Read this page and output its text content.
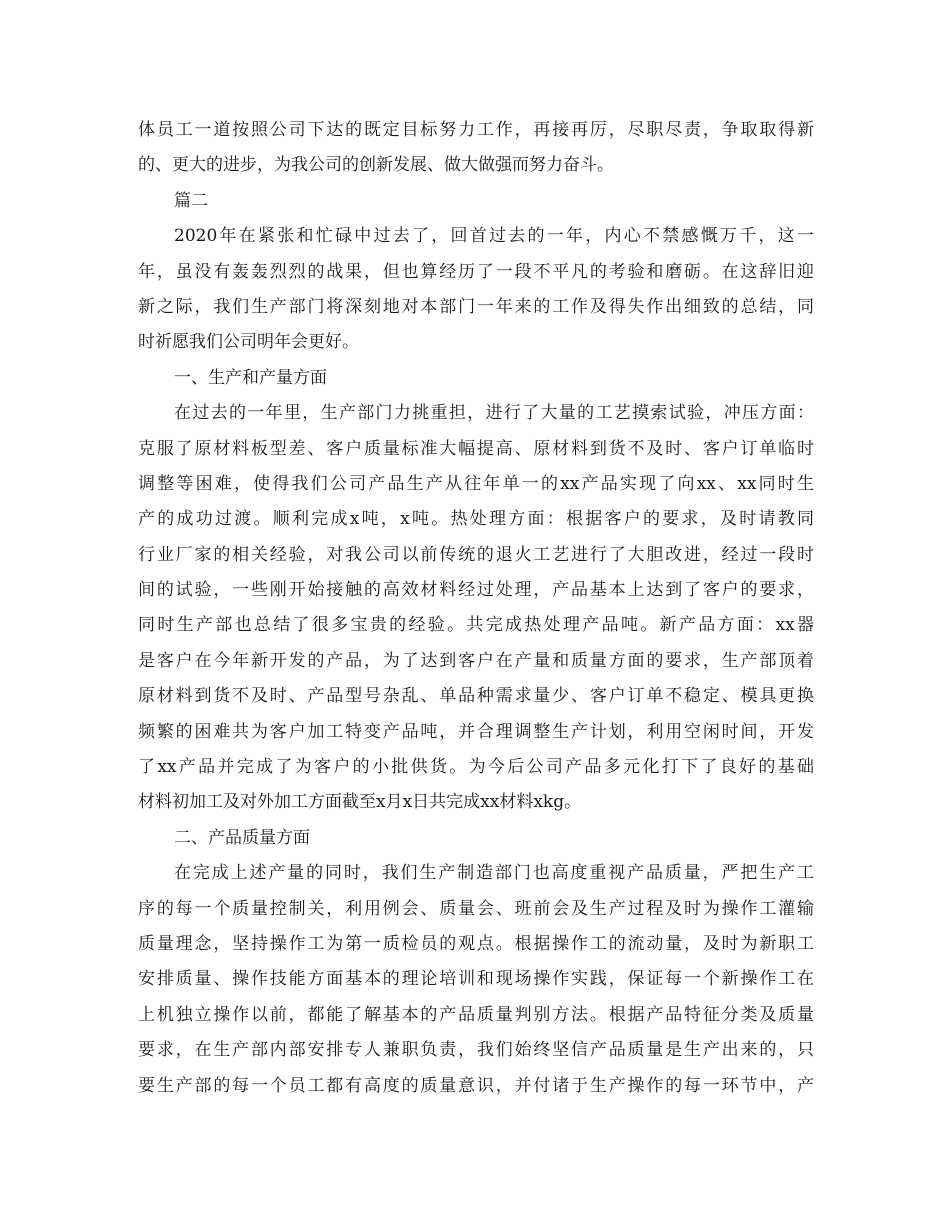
体员工一道按照公司下达的既定目标努力工作，再接再厉，尽职尽责，争取取得新
的、更大的进步，为我公司的创新发展、做大做强而努力奋斗。
篇二
2020年在紧张和忙碌中过去了，回首过去的一年，内心不禁感慨万千，这一
年，虽没有轰轰烈烈的战果，但也算经历了一段不平凡的考验和磨砺。在这辞旧迎
新之际，我们生产部门将深刻地对本部门一年来的工作及得失作出细致的总结，同
时祈愿我们公司明年会更好。
一、生产和产量方面
在过去的一年里，生产部门力挑重担，进行了大量的工艺摸索试验，冲压方面：
克服了原材料板型差、客户质量标准大幅提高、原材料到货不及时、客户订单临时
调整等困难，使得我们公司产品生产从往年单一的xx产品实现了向xx、xx同时生
产的成功过渡。顺利完成x吨，x吨。热处理方面：根据客户的要求，及时请教同
行业厂家的相关经验，对我公司以前传统的退火工艺进行了大胆改进，经过一段时
间的试验，一些刚开始接触的高效材料经过处理，产品基本上达到了客户的要求，
同时生产部也总结了很多宝贵的经验。共完成热处理产品吨。新产品方面：xx器
是客户在今年新开发的产品，为了达到客户在产量和质量方面的要求，生产部顶着
原材料到货不及时、产品型号杂乱、单品种需求量少、客户订单不稳定、模具更换
频繁的困难共为客户加工特变产品吨，并合理调整生产计划，利用空闲时间，开发
了xx产品并完成了为客户的小批供货。为今后公司产品多元化打下了良好的基础
材料初加工及对外加工方面截至x月x日共完成xx材料xkg。
二、产品质量方面
在完成上述产量的同时，我们生产制造部门也高度重视产品质量，严把生产工
序的每一个质量控制关，利用例会、质量会、班前会及生产过程及时为操作工灌输
质量理念，坚持操作工为第一质检员的观点。根据操作工的流动量，及时为新职工
安排质量、操作技能方面基本的理论培训和现场操作实践，保证每一个新操作工在
上机独立操作以前，都能了解基本的产品质量判别方法。根据产品特征分类及质量
要求，在生产部内部安排专人兼职负责，我们始终坚信产品质量是生产出来的，只
要生产部的每一个员工都有高度的质量意识，并付诸于生产操作的每一环节中，产
